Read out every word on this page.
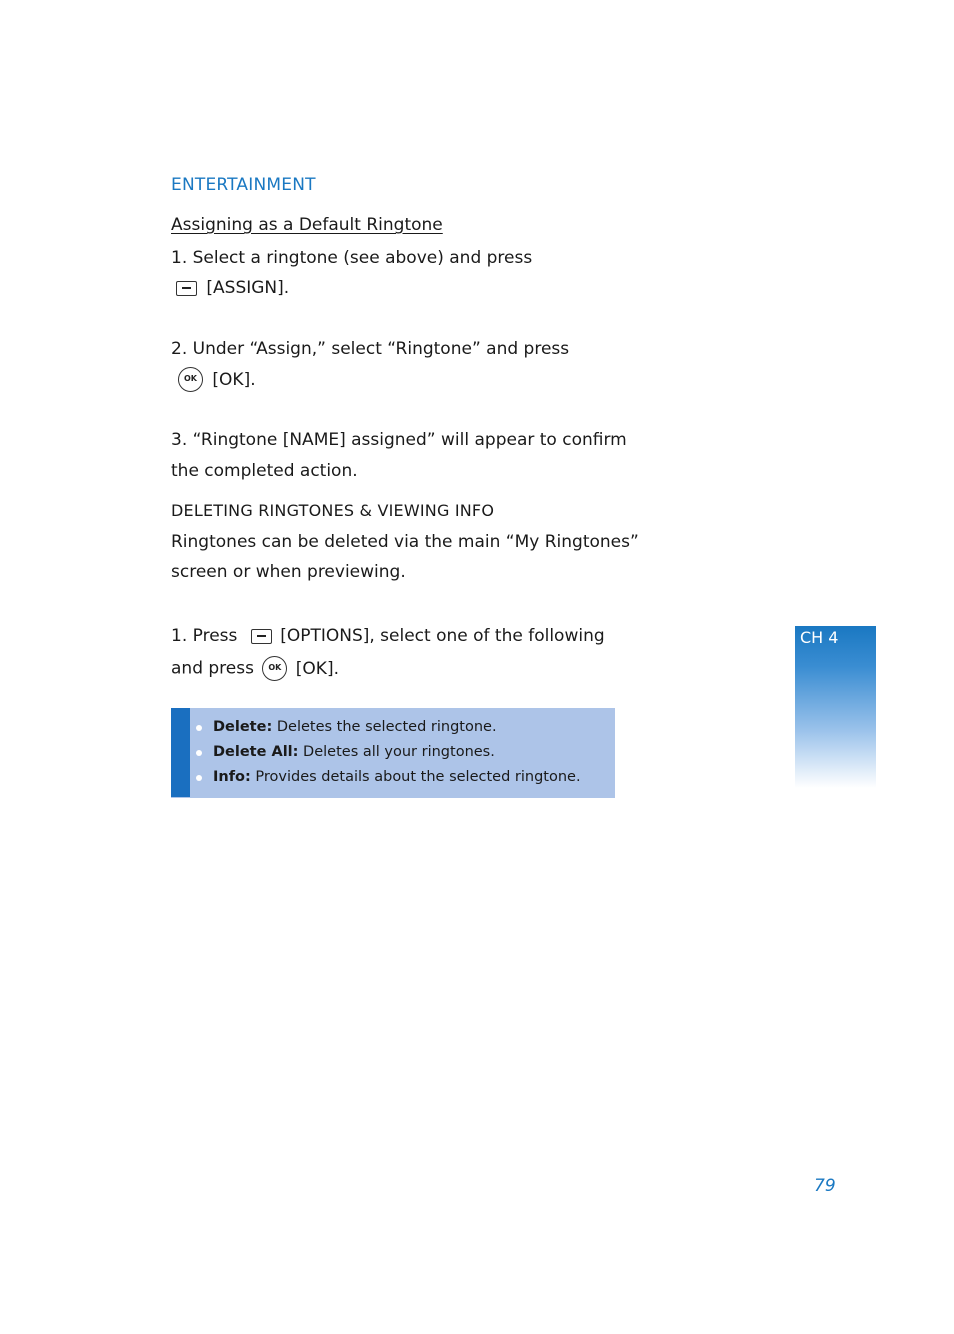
ENTERTAINMENT
Assigning as a Default Ringtone
1. Select a ringtone (see above) and press
[ASSIGN].
2. Under “Assign,” select “Ringtone” and press
OK [OK].
3. “Ringtone [NAME] assigned” will appear to confirm
the completed action.
DELETING RINGTONES & VIEWING INFO
Ringtones can be deleted via the main “My Ringtones”
screen or when previewing.
1. Press	[OPTIONS], select one of the following
and press OK [OK].
Delete: Deletes the selected ringtone.
Delete All: Deletes all your ringtones.
Info: Provides details about the selected ringtone.
CH 4
79
